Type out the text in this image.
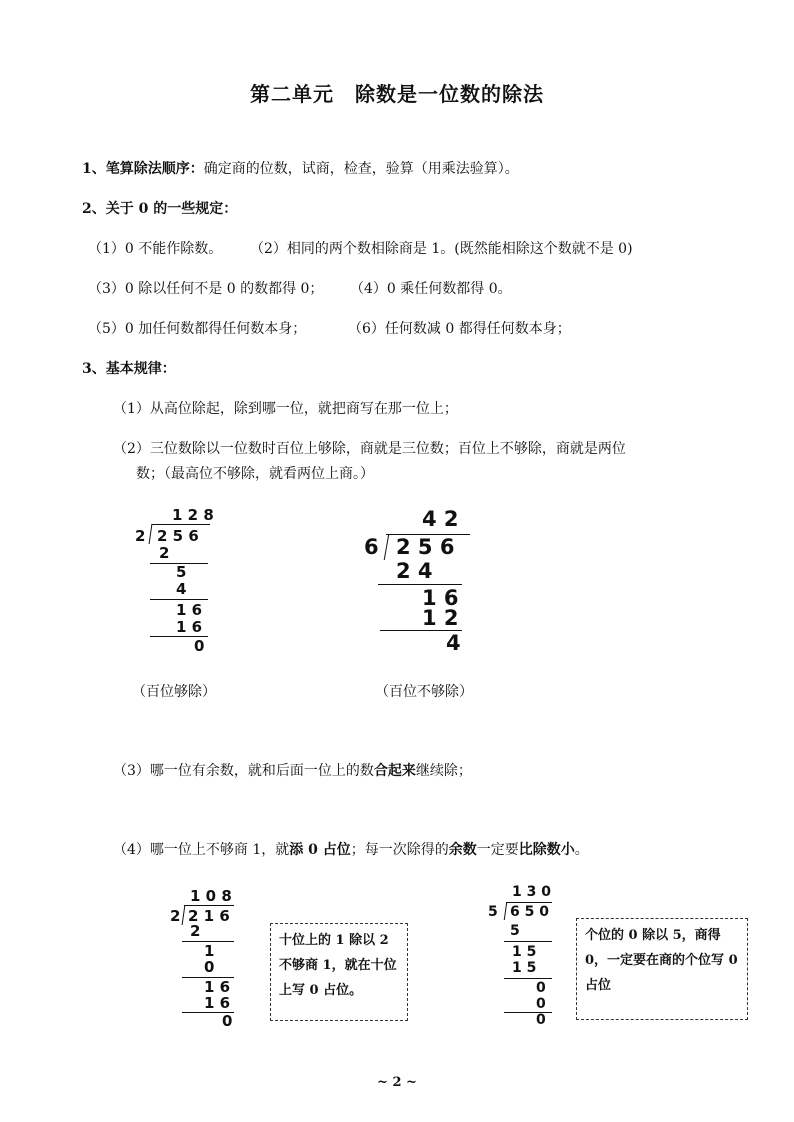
第二单元　除数是一位数的除法
1、笔算除法顺序：确定商的位数，试商，检查，验算（用乘法验算）。
2、关于 0 的一些规定：
（1）0 不能作除数。 （2）相同的两个数相除商是 1。(既然能相除这个数就不是 0)
（3）0 除以任何不是 0 的数都得 0； （4）0 乘任何数都得 0。
（5）0 加任何数都得任何数本身；	（6）任何数减 0 都得任何数本身；
3、基本规律：
（1）从高位除起，除到哪一位，就把商写在那一位上；
（2）三位数除以一位数时百位上够除，商就是三位数；百位上不够除，商就是两位
数；（最高位不够除，就看两位上商。）
1 2 8
2 2 5 6
2
5
4
1 6
1 6
0
（百位够除）
4 2
6 2 5 6
2 4
1 6
1 2
4
（百位不够除）
（3）哪一位有余数，就和后面一位上的数合起来继续除；
（4）哪一位上不够商 1，就添 0 占位；每一次除得的余数一定要比除数小。
1 0 8
2 2 1 6
2
1
0
1 6
1 6
0
十位上的 1 除以 2 不够商 1，就在十位上写 0 占位。
1 3 0
5 6 5 0
5
1 5
1 5
0
0
0
个位的 0 除以 5，商得 0，一定要在商的个位写 0 占位
~ 2 ~
